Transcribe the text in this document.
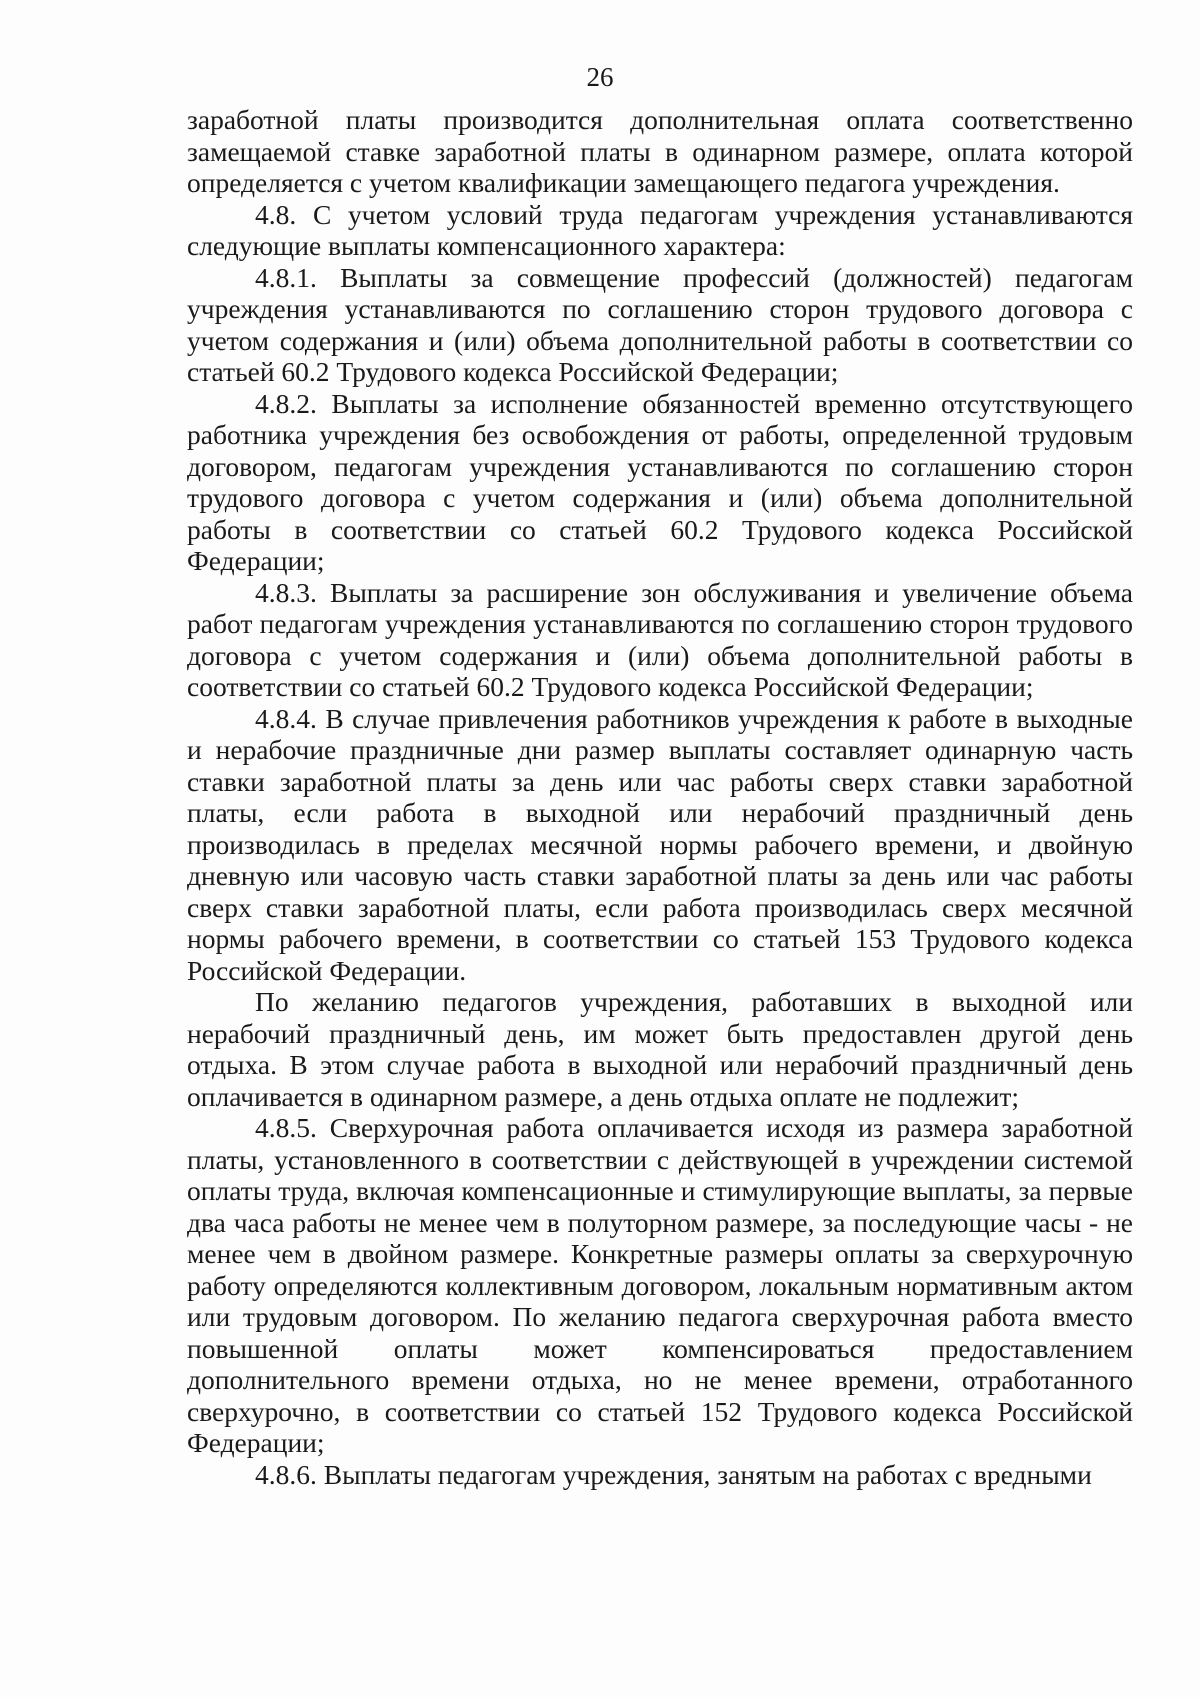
26

заработной платы производится дополнительная оплата соответственно замещаемой ставке заработной платы в одинарном размере, оплата которой определяется с учетом квалификации замещающего педагога учреждения.

4.8. С учетом условий труда педагогам учреждения устанавливаются следующие выплаты компенсационного характера:

4.8.1. Выплаты за совмещение профессий (должностей) педагогам учреждения устанавливаются по соглашению сторон трудового договора с учетом содержания и (или) объема дополнительной работы в соответствии со статьей 60.2 Трудового кодекса Российской Федерации;

4.8.2. Выплаты за исполнение обязанностей временно отсутствующего работника учреждения без освобождения от работы, определенной трудовым договором, педагогам учреждения устанавливаются по соглашению сторон трудового договора с учетом содержания и (или) объема дополнительной работы в соответствии со статьей 60.2 Трудового кодекса Российской Федерации;

4.8.3. Выплаты за расширение зон обслуживания и увеличение объема работ педагогам учреждения устанавливаются по соглашению сторон трудового договора с учетом содержания и (или) объема дополнительной работы в соответствии со статьей 60.2 Трудового кодекса Российской Федерации;

4.8.4. В случае привлечения работников учреждения к работе в выходные и нерабочие праздничные дни размер выплаты составляет одинарную часть ставки заработной платы за день или час работы сверх ставки заработной платы, если работа в выходной или нерабочий праздничный день производилась в пределах месячной нормы рабочего времени, и двойную дневную или часовую часть ставки заработной платы за день или час работы сверх ставки заработной платы, если работа производилась сверх месячной нормы рабочего времени, в соответствии со статьей 153 Трудового кодекса Российской Федерации.

По желанию педагогов учреждения, работавших в выходной или нерабочий праздничный день, им может быть предоставлен другой день отдыха. В этом случае работа в выходной или нерабочий праздничный день оплачивается в одинарном размере, а день отдыха оплате не подлежит;

4.8.5. Сверхурочная работа оплачивается исходя из размера заработной платы, установленного в соответствии с действующей в учреждении системой оплаты труда, включая компенсационные и стимулирующие выплаты, за первые два часа работы не менее чем в полуторном размере, за последующие часы - не менее чем в двойном размере. Конкретные размеры оплаты за сверхурочную работу определяются коллективным договором, локальным нормативным актом или трудовым договором. По желанию педагога сверхурочная работа вместо повышенной оплаты может компенсироваться предоставлением дополнительного времени отдыха, но не менее времени, отработанного сверхурочно, в соответствии со статьей 152 Трудового кодекса Российской Федерации;

4.8.6. Выплаты педагогам учреждения, занятым на работах с вредными
